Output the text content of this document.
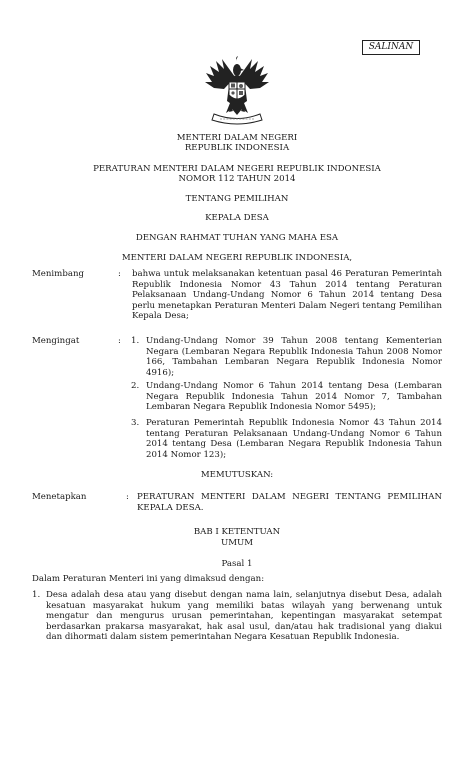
SALINAN
MENTERI DALAM NEGERI
REPUBLIK INDONESIA
PERATURAN MENTERI DALAM NEGERI REPUBLIK INDONESIA
NOMOR 112 TAHUN 2014
TENTANG PEMILIHAN
KEPALA DESA
DENGAN RAHMAT TUHAN YANG MAHA ESA
MENTERI DALAM NEGERI REPUBLIK INDONESIA,
Menimbang	: bahwa untuk melaksanakan ketentuan pasal 46 Peraturan Pemerintah Republik Indonesia Nomor 43 Tahun 2014 tentang Peraturan Pelaksanaan Undang-Undang Nomor 6 Tahun 2014 tentang Desa perlu menetapkan Peraturan Menteri Dalam Negeri tentang Pemilihan Kepala Desa;
Mengingat	: 1. Undang-Undang Nomor 39 Tahun 2008 tentang Kementerian Negara (Lembaran Negara Republik Indonesia Tahun 2008 Nomor 166, Tambahan Lembaran Negara Republik Indonesia Nomor 4916);
2. Undang-Undang Nomor 6 Tahun 2014 tentang Desa (Lembaran Negara Republik Indonesia Tahun 2014 Nomor 7, Tambahan Lembaran Negara Republik Indonesia Nomor 5495);
3. Peraturan Pemerintah Republik Indonesia Nomor 43 Tahun 2014 tentang Peraturan Pelaksanaan Undang-Undang Nomor 6 Tahun 2014 tentang Desa (Lembaran Negara Republik Indonesia Tahun 2014 Nomor 123);
MEMUTUSKAN:
Menetapkan	: PERATURAN MENTERI DALAM NEGERI TENTANG PEMILIHAN KEPALA DESA.
BAB I KETENTUAN
UMUM
Pasal 1
Dalam Peraturan Menteri ini yang dimaksud dengan:
1. Desa adalah desa atau yang disebut dengan nama lain, selanjutnya disebut Desa, adalah kesatuan masyarakat hukum yang memiliki batas wilayah yang berwenang untuk mengatur dan mengurus urusan pemerintahan, kepentingan masyarakat setempat berdasarkan prakarsa masyarakat, hak asal usul, dan/atau hak tradisional yang diakui dan dihormati dalam sistem pemerintahan Negara Kesatuan Republik Indonesia.
